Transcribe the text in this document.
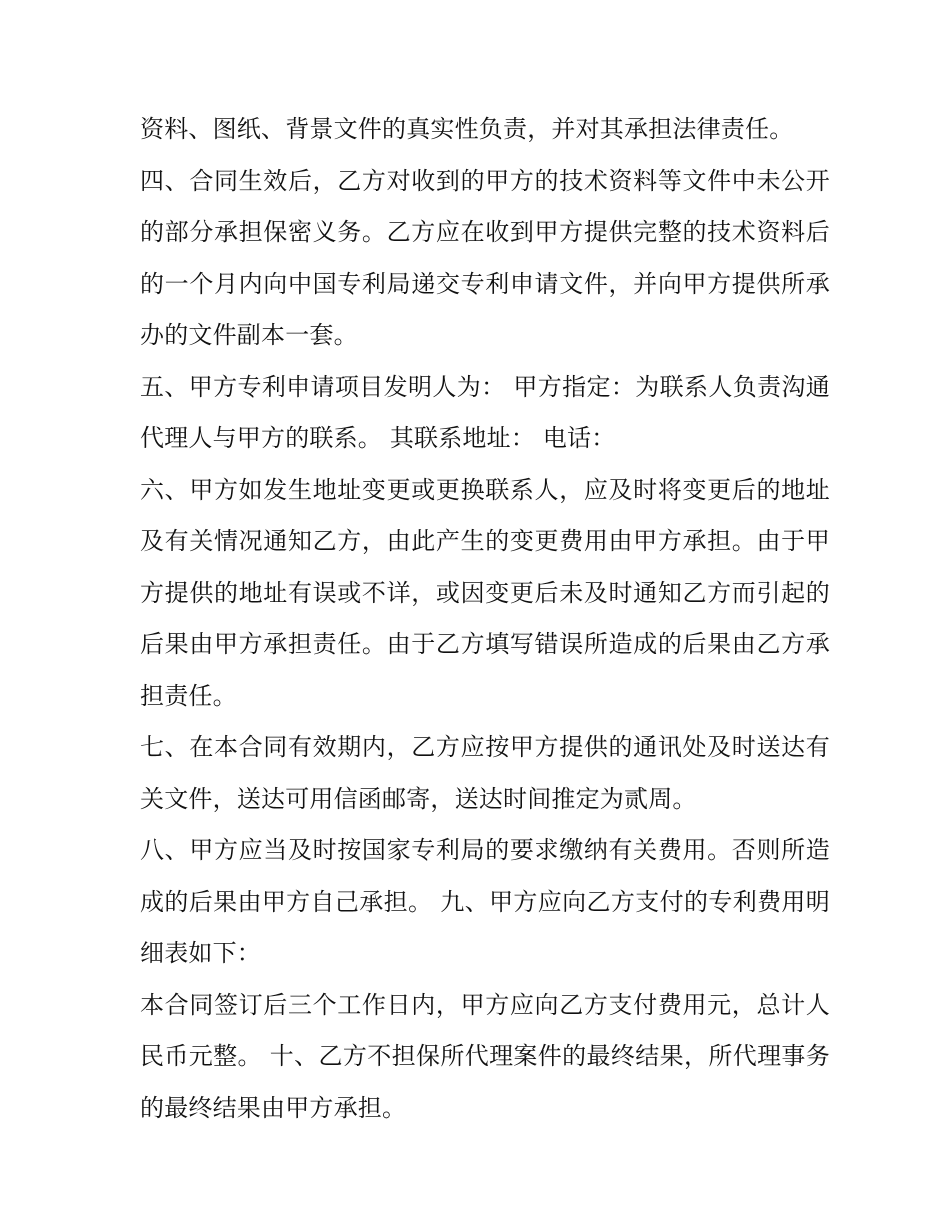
资料、图纸、背景文件的真实性负责，并对其承担法律责任。

四、合同生效后，乙方对收到的甲方的技术资料等文件中未公开的部分承担保密义务。乙方应在收到甲方提供完整的技术资料后的一个月内向中国专利局递交专利申请文件，并向甲方提供所承办的文件副本一套。

五、甲方专利申请项目发明人为： 甲方指定：为联系人负责沟通代理人与甲方的联系。 其联系地址： 电话：

六、甲方如发生地址变更或更换联系人，应及时将变更后的地址及有关情况通知乙方，由此产生的变更费用由甲方承担。由于甲方提供的地址有误或不详，或因变更后未及时通知乙方而引起的后果由甲方承担责任。由于乙方填写错误所造成的后果由乙方承担责任。

七、在本合同有效期内，乙方应按甲方提供的通讯处及时送达有关文件，送达可用信函邮寄，送达时间推定为贰周。

八、甲方应当及时按国家专利局的要求缴纳有关费用。否则所造成的后果由甲方自己承担。 九、甲方应向乙方支付的专利费用明细表如下：

本合同签订后三个工作日内，甲方应向乙方支付费用元，总计人民币元整。 十、乙方不担保所代理案件的最终结果，所代理事务的最终结果由甲方承担。
